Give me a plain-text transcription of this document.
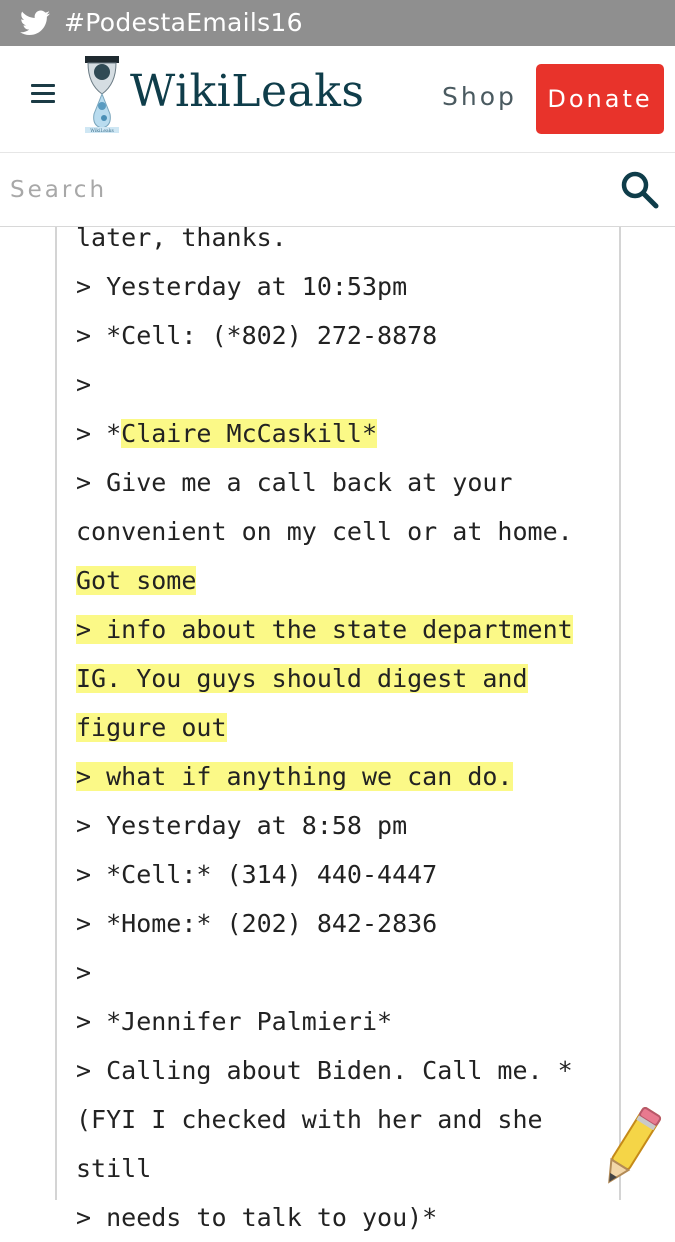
#PodestaEmails16
WikiLeaks
WikiLeaks	Shop	Donate
Search
later, thanks.
> Yesterday at 10:53pm
> *Cell: (*802) 272-8878
>
> *Claire McCaskill*
> Give me a call back at your
convenient on my cell or at home.
Got some
> info about the state department
IG. You guys should digest and
figure out
> what if anything we can do.
> Yesterday at 8:58 pm
> *Cell:* (314) 440-4447
> *Home:* (202) 842-2836
>
> *Jennifer Palmieri*
> Calling about Biden. Call me. *
(FYI I checked with her and she
still
> needs to talk to you)*
